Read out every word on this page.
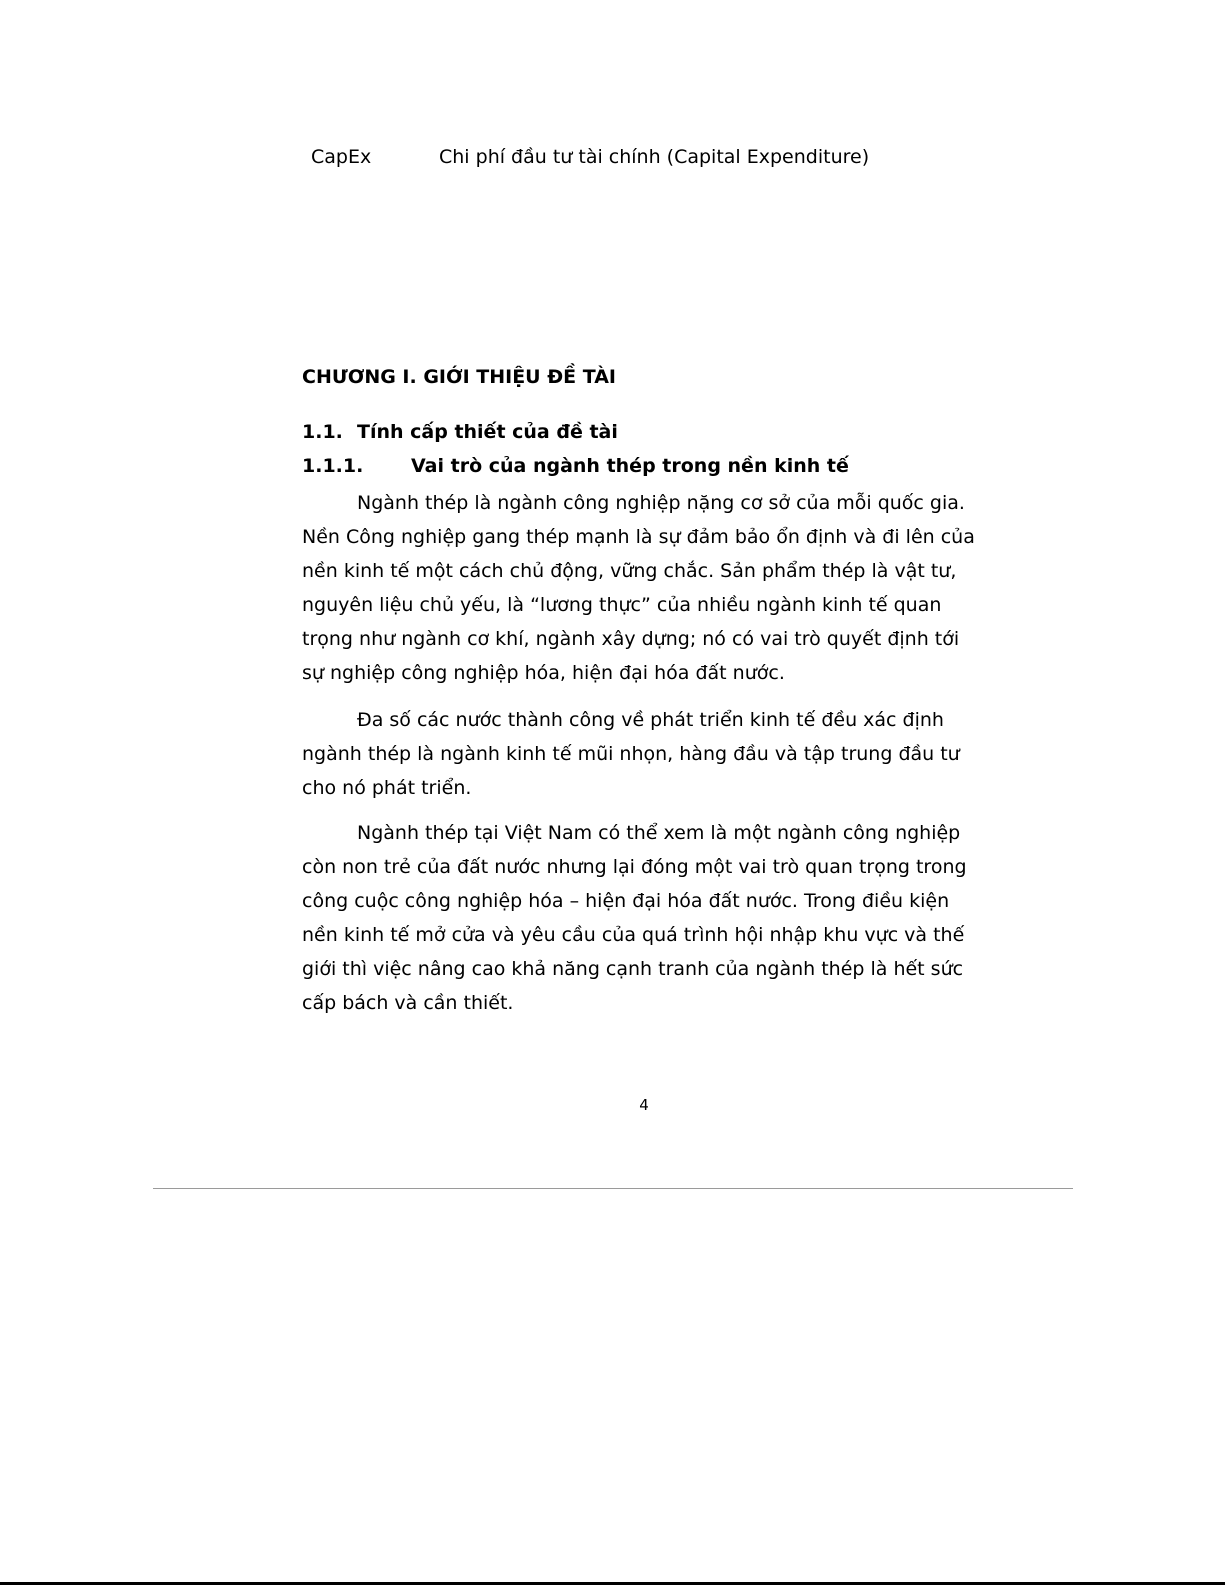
CapEx	Chi phí đầu tư tài chính (Capital Expenditure)
CHƯƠNG I. GIỚI THIỆU ĐỀ TÀI
1.1. Tính cấp thiết của đề tài
1.1.1.	Vai trò của ngành thép trong nền kinh tế

Ngành thép là ngành công nghiệp nặng cơ sở của mỗi quốc gia. Nền Công nghiệp gang thép mạnh là sự đảm bảo ổn định và đi lên của nền kinh tế một cách chủ động, vững chắc. Sản phẩm thép là vật tư, nguyên liệu chủ yếu, là “lương thực” của nhiều ngành kinh tế quan trọng như ngành cơ khí, ngành xây dựng; nó có vai trò quyết định tới sự nghiệp công nghiệp hóa, hiện đại hóa đất nước.

Đa số các nước thành công về phát triển kinh tế đều xác định ngành thép là ngành kinh tế mũi nhọn, hàng đầu và tập trung đầu tư cho nó phát triển.

Ngành thép tại Việt Nam có thể xem là một ngành công nghiệp còn non trẻ của đất nước nhưng lại đóng một vai trò quan trọng trong công cuộc công nghiệp hóa – hiện đại hóa đất nước. Trong điều kiện nền kinh tế mở cửa và yêu cầu của quá trình hội nhập khu vực và thế giới thì việc nâng cao khả năng cạnh tranh của ngành thép là hết sức cấp bách và cần thiết.

4
